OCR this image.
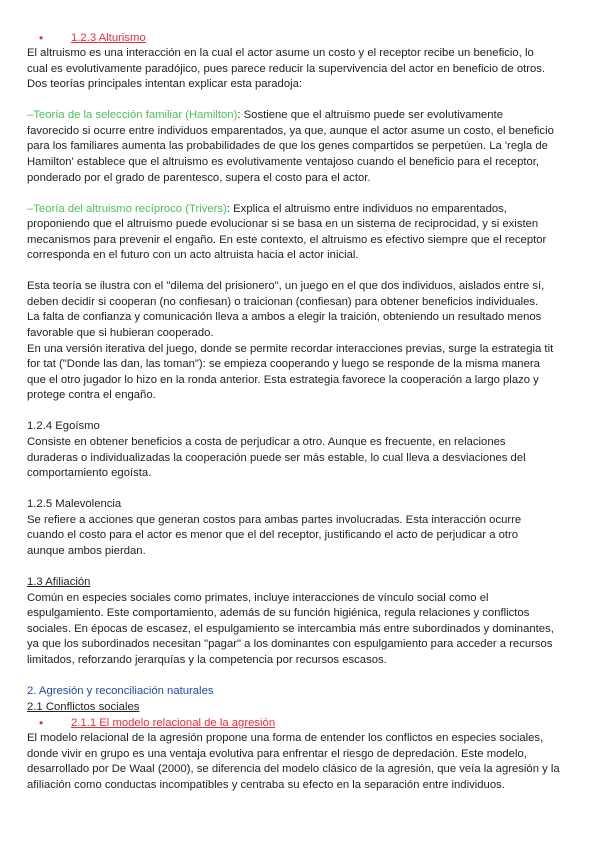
•	1.2.3 Alturismo

El altruismo es una interacción en la cual el actor asume un costo y el receptor recibe un beneficio, lo
cual es evolutivamente paradójico, pues parece reducir la supervivencia del actor en beneficio de otros.
Dos teorías principales intentan explicar esta paradoja:

–Teoría de la selección familiar (Hamilton): Sostiene que el altruismo puede ser evolutivamente
favorecido si ocurre entre individuos emparentados, ya que, aunque el actor asume un costo, el beneficio
para los familiares aumenta las probabilidades de que los genes compartidos se perpetúen. La 'regla de
Hamilton' establece que el altruismo es evolutivamente ventajoso cuando el beneficio para el receptor,
ponderado por el grado de parentesco, supera el costo para el actor.

–Teoría del altruismo recíproco (Trivers): Explica el altruismo entre individuos no emparentados,
proponiendo que el altruismo puede evolucionar si se basa en un sistema de reciprocidad, y si existen
mecanismos para prevenir el engaño. En este contexto, el altruismo es efectivo siempre que el receptor
corresponda en el futuro con un acto altruista hacia el actor inicial.

Esta teoría se ilustra con el "dilema del prisionero", un juego en el que dos individuos, aislados entre sí,
deben decidir si cooperan (no confiesan) o traicionan (confiesan) para obtener beneficios individuales.
La falta de confianza y comunicación lleva a ambos a elegir la traición, obteniendo un resultado menos
favorable que si hubieran cooperado.
En una versión iterativa del juego, donde se permite recordar interacciones previas, surge la estrategia tit
for tat ("Donde las dan, las toman"): se empieza cooperando y luego se responde de la misma manera
que el otro jugador lo hizo en la ronda anterior. Esta estrategia favorece la cooperación a largo plazo y
protege contra el engaño.

1.2.4 Egoísmo
Consiste en obtener beneficios a costa de perjudicar a otro. Aunque es frecuente, en relaciones
duraderas o individualizadas la cooperación puede ser más estable, lo cual lleva a desviaciones del
comportamiento egoísta.

1.2.5 Malevolencia
Se refiere a acciones que generan costos para ambas partes involucradas. Esta interacción ocurre
cuando el costo para el actor es menor que el del receptor, justificando el acto de perjudicar a otro
aunque ambos pierdan.

1.3 Afiliación
Común en especies sociales como primates, incluye interacciones de vínculo social como el
espulgamiento. Este comportamiento, además de su función higiénica, regula relaciones y conflictos
sociales. En épocas de escasez, el espulgamiento se intercambia más entre subordinados y dominantes,
ya que los subordinados necesitan "pagar" a los dominantes con espulgamiento para acceder a recursos
limitados, reforzando jerarquías y la competencia por recursos escasos.

2. Agresión y reconciliación naturales
2.1 Conflictos sociales

•	2.1.1 El modelo relacional de la agresión

El modelo relacional de la agresión propone una forma de entender los conflictos en especies sociales,
donde vivir en grupo es una ventaja evolutiva para enfrentar el riesgo de depredación. Este modelo,
desarrollado por De Waal (2000), se diferencia del modelo clásico de la agresión, que veía la agresión y la
afiliación como conductas incompatibles y centraba su efecto en la separación entre individuos.
